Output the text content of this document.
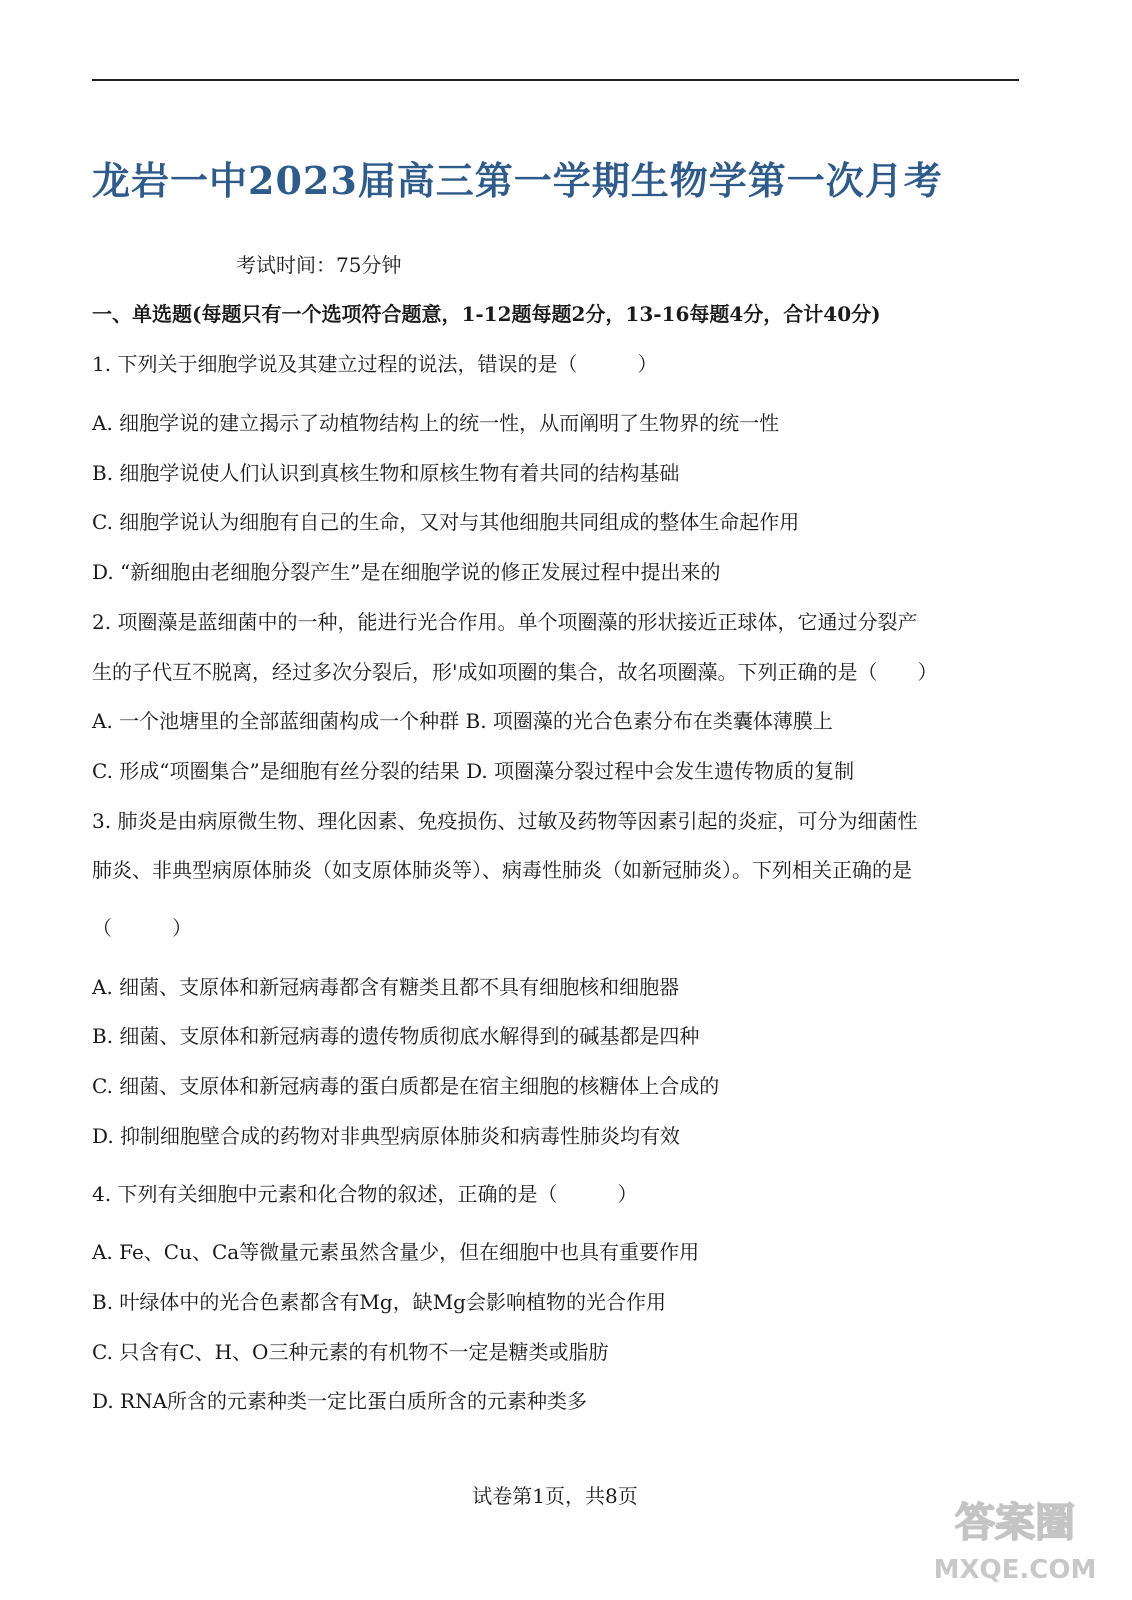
龙岩一中2023届高三第一学期生物学第一次月考
考试时间：75分钟
一、单选题(每题只有一个选项符合题意，1-12题每题2分，13-16每题4分，合计40分)
1. 下列关于细胞学说及其建立过程的说法，错误的是（　　　）
A. 细胞学说的建立揭示了动植物结构上的统一性，从而阐明了生物界的统一性
B. 细胞学说使人们认识到真核生物和原核生物有着共同的结构基础
C. 细胞学说认为细胞有自己的生命，又对与其他细胞共同组成的整体生命起作用
D. “新细胞由老细胞分裂产生”是在细胞学说的修正发展过程中提出来的
2. 项圈藻是蓝细菌中的一种，能进行光合作用。单个项圈藻的形状接近正球体，它通过分裂产
生的子代互不脱离，经过多次分裂后，形'成如项圈的集合，故名项圈藻。下列正确的是（　　）
A. 一个池塘里的全部蓝细菌构成一个种群 B. 项圈藻的光合色素分布在类囊体薄膜上
C. 形成“项圈集合”是细胞有丝分裂的结果 D. 项圈藻分裂过程中会发生遗传物质的复制
3. 肺炎是由病原微生物、理化因素、免疫损伤、过敏及药物等因素引起的炎症，可分为细菌性
肺炎、非典型病原体肺炎（如支原体肺炎等）、病毒性肺炎（如新冠肺炎）。下列相关正确的是
（　　　）
A. 细菌、支原体和新冠病毒都含有糖类且都不具有细胞核和细胞器
B. 细菌、支原体和新冠病毒的遗传物质彻底水解得到的碱基都是四种
C. 细菌、支原体和新冠病毒的蛋白质都是在宿主细胞的核糖体上合成的
D. 抑制细胞壁合成的药物对非典型病原体肺炎和病毒性肺炎均有效
4. 下列有关细胞中元素和化合物的叙述，正确的是（　　　）
A. Fe、Cu、Ca等微量元素虽然含量少，但在细胞中也具有重要作用
B. 叶绿体中的光合色素都含有Mg，缺Mg会影响植物的光合作用
C. 只含有C、H、O三种元素的有机物不一定是糖类或脂肪
D. RNA所含的元素种类一定比蛋白质所含的元素种类多
试卷第1页，共8页
答案圈
MXQE.COM
